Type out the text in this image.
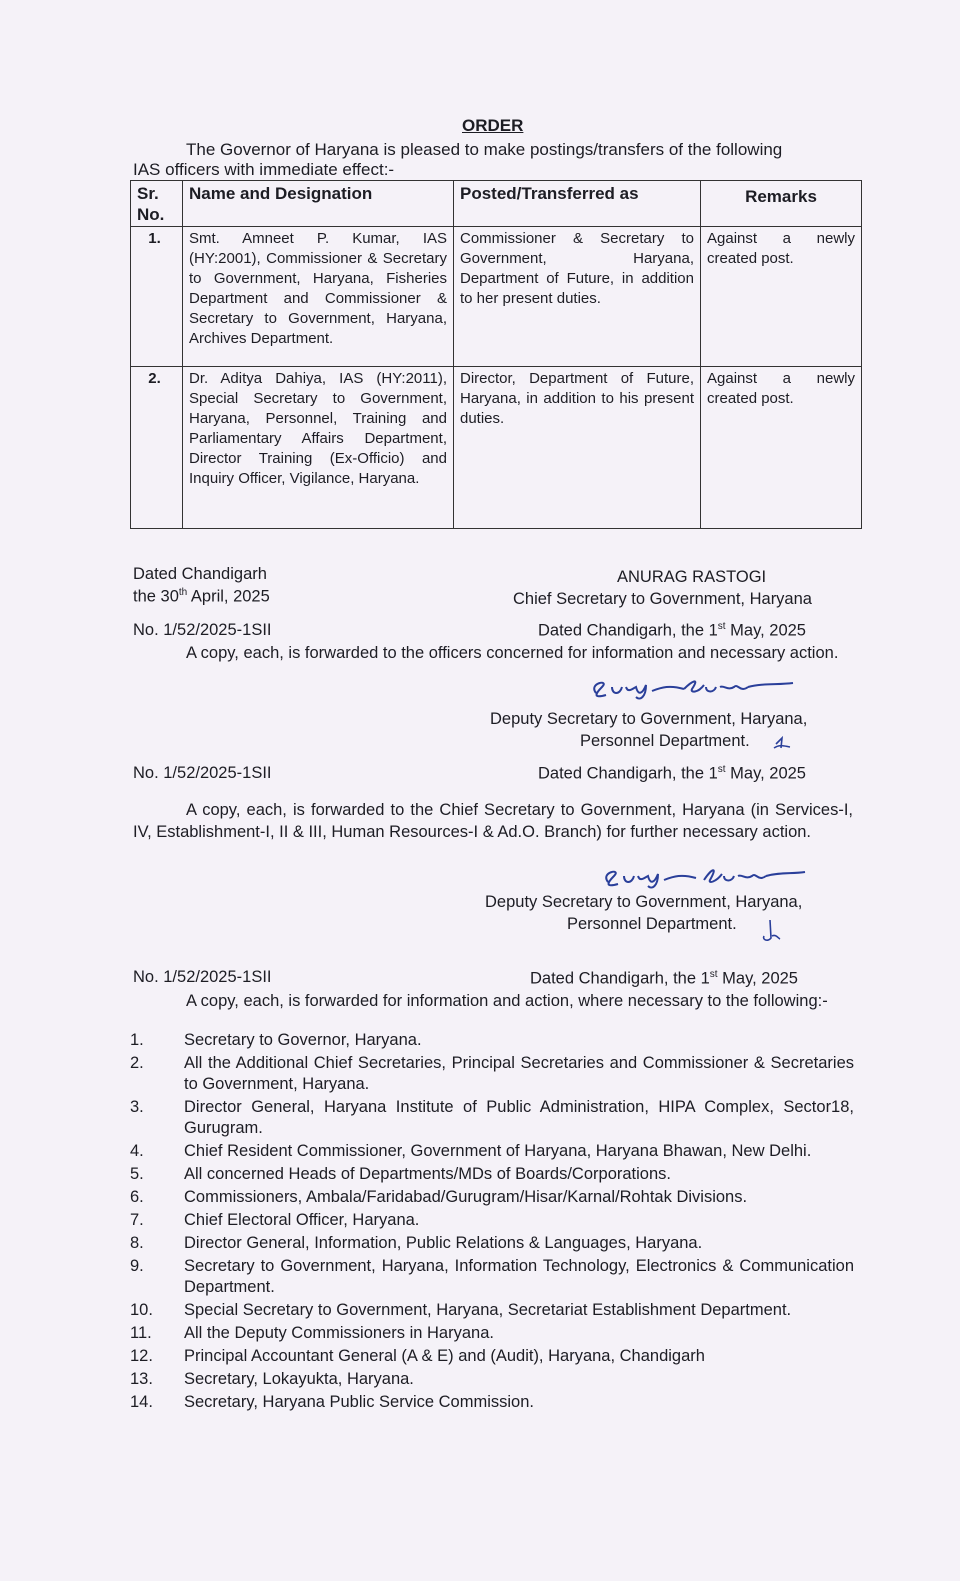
ORDER
The Governor of Haryana is pleased to make postings/transfers of the following
IAS officers with immediate effect:-
Sr. No.	Name and Designation	Posted/Transferred as	Remarks
1.	Smt. Amneet P. Kumar, IAS (HY:2001), Commissioner & Secretary to Government, Haryana, Fisheries Department and Commissioner & Secretary to Government, Haryana, Archives Department.	Commissioner & Secretary to Government, Haryana, Department of Future, in addition to her present duties.	Against a newly created post.
2.	Dr. Aditya Dahiya, IAS (HY:2011), Special Secretary to Government, Haryana, Personnel, Training and Parliamentary Affairs Department, Director Training (Ex-Officio) and Inquiry Officer, Vigilance, Haryana.	Director, Department of Future, Haryana, in addition to his present duties.	Against a newly created post.
Dated Chandigarh
the 30th April, 2025
ANURAG RASTOGI
Chief Secretary to Government, Haryana
No. 1/52/2025-1SII	Dated Chandigarh, the 1st May, 2025
A copy, each, is forwarded to the officers concerned for information and necessary action.
Deputy Secretary to Government, Haryana,
Personnel Department.
No. 1/52/2025-1SII	Dated Chandigarh, the 1st May, 2025
A copy, each, is forwarded to the Chief Secretary to Government, Haryana (in Services-I, IV, Establishment-I, II & III, Human Resources-I & Ad.O. Branch) for further necessary action.
Deputy Secretary to Government, Haryana,
Personnel Department.
No. 1/52/2025-1SII	Dated Chandigarh, the 1st May, 2025
A copy, each, is forwarded for information and action, where necessary to the following:-
1.	Secretary to Governor, Haryana.
2.	All the Additional Chief Secretaries, Principal Secretaries and Commissioner & Secretaries to Government, Haryana.
3.	Director General, Haryana Institute of Public Administration, HIPA Complex, Sector18, Gurugram.
4.	Chief Resident Commissioner, Government of Haryana, Haryana Bhawan, New Delhi.
5.	All concerned Heads of Departments/MDs of Boards/Corporations.
6.	Commissioners, Ambala/Faridabad/Gurugram/Hisar/Karnal/Rohtak Divisions.
7.	Chief Electoral Officer, Haryana.
8.	Director General, Information, Public Relations & Languages, Haryana.
9.	Secretary to Government, Haryana, Information Technology, Electronics & Communication Department.
10.	Special Secretary to Government, Haryana, Secretariat Establishment Department.
11.	All the Deputy Commissioners in Haryana.
12.	Principal Accountant General (A & E) and (Audit), Haryana, Chandigarh
13.	Secretary, Lokayukta, Haryana.
14.	Secretary, Haryana Public Service Commission.
